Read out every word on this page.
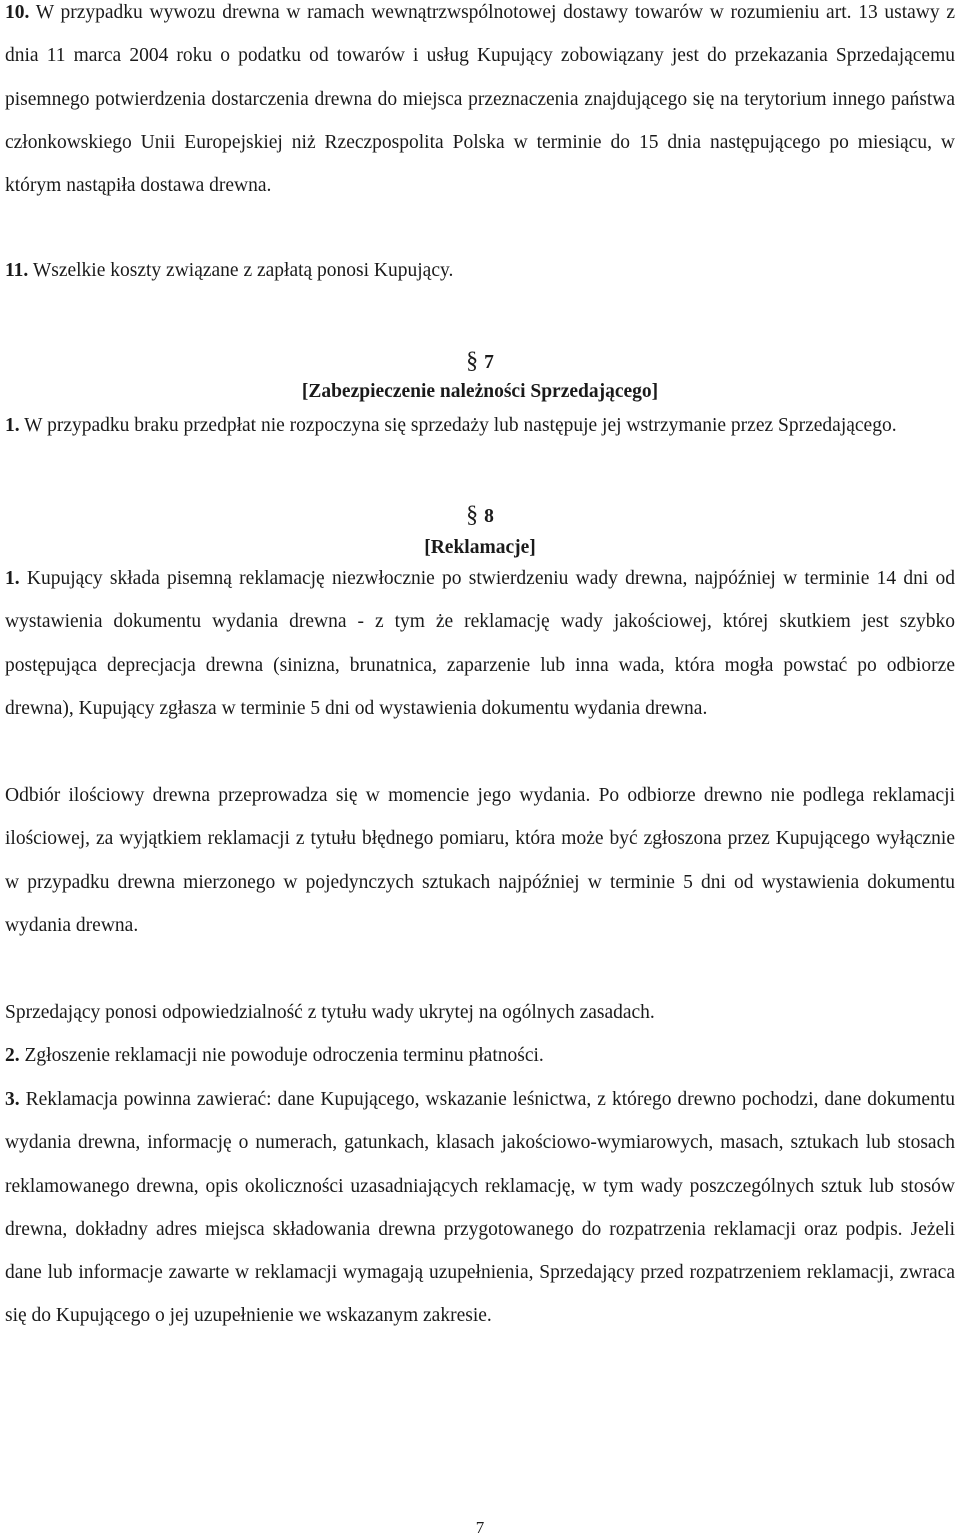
10. W przypadku wywozu drewna w ramach wewnątrzwspólnotowej dostawy towarów w rozumieniu art. 13 ustawy z dnia 11 marca 2004 roku o podatku od towarów i usług Kupujący zobowiązany jest do przekazania Sprzedającemu pisemnego potwierdzenia dostarczenia drewna do miejsca przeznaczenia znajdującego się na terytorium innego państwa członkowskiego Unii Europejskiej niż Rzeczpospolita Polska w terminie do 15 dnia następującego po miesiącu, w którym nastąpiła dostawa drewna.

11. Wszelkie koszty związane z zapłatą ponosi Kupujący.

§ 7
[Zabezpieczenie należności Sprzedającego]

1. W przypadku braku przedpłat nie rozpoczyna się sprzedaży lub następuje jej wstrzymanie przez Sprzedającego.

§ 8
[Reklamacje]

1. Kupujący składa pisemną reklamację niezwłocznie po stwierdzeniu wady drewna, najpóźniej w terminie 14 dni od wystawienia dokumentu wydania drewna - z tym że reklamację wady jakościowej, której skutkiem jest szybko postępująca deprecjacja drewna (sinizna, brunatnica, zaparzenie lub inna wada, która mogła powstać po odbiorze drewna), Kupujący zgłasza w terminie 5 dni od wystawienia dokumentu wydania drewna.

Odbiór ilościowy drewna przeprowadza się w momencie jego wydania. Po odbiorze drewno nie podlega reklamacji ilościowej, za wyjątkiem reklamacji z tytułu błędnego pomiaru, która może być zgłoszona przez Kupującego wyłącznie w przypadku drewna mierzonego w pojedynczych sztukach najpóźniej w terminie 5 dni od wystawienia dokumentu wydania drewna.

Sprzedający ponosi odpowiedzialność z tytułu wady ukrytej na ogólnych zasadach.

2. Zgłoszenie reklamacji nie powoduje odroczenia terminu płatności.

3. Reklamacja powinna zawierać: dane Kupującego, wskazanie leśnictwa, z którego drewno pochodzi, dane dokumentu wydania drewna, informację o numerach, gatunkach, klasach jakościowo-wymiarowych, masach, sztukach lub stosach reklamowanego drewna, opis okoliczności uzasadniających reklamację, w tym wady poszczególnych sztuk lub stosów drewna, dokładny adres miejsca składowania drewna przygotowanego do rozpatrzenia reklamacji oraz podpis. Jeżeli dane lub informacje zawarte w reklamacji wymagają uzupełnienia, Sprzedający przed rozpatrzeniem reklamacji, zwraca się do Kupującego o jej uzupełnienie we wskazanym zakresie.

7
